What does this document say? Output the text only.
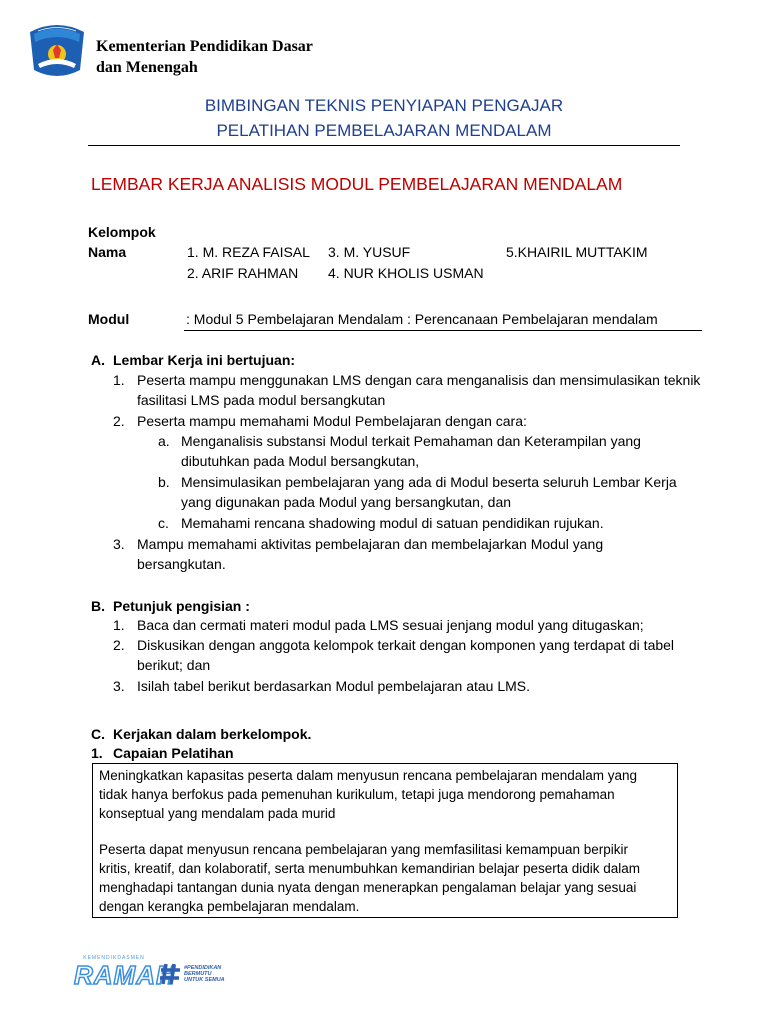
Kementerian Pendidikan Dasar
dan Menengah
BIMBINGAN TEKNIS PENYIAPAN PENGAJAR
PELATIHAN PEMBELAJARAN MENDALAM
LEMBAR KERJA ANALISIS MODUL PEMBELAJARAN MENDALAM
Kelompok
Nama	1. M. REZA FAISAL
2. ARIF RAHMAN
3. M. YUSUF
4. NUR KHOLIS USMAN
5.KHAIRIL MUTTAKIM
Modul	: Modul 5 Pembelajaran Mendalam : Perencanaan Pembelajaran mendalam
A. Lembar Kerja ini bertujuan:
1. Peserta mampu menggunakan LMS dengan cara menganalisis dan mensimulasikan teknik
fasilitasi LMS pada modul bersangkutan
2. Peserta mampu memahami Modul Pembelajaran dengan cara:
a. Menganalisis substansi Modul terkait Pemahaman dan Keterampilan yang
dibutuhkan pada Modul bersangkutan,
b. Mensimulasikan pembelajaran yang ada di Modul beserta seluruh Lembar Kerja
yang digunakan pada Modul yang bersangkutan, dan
c. Memahami rencana shadowing modul di satuan pendidikan rujukan.
3. Mampu memahami aktivitas pembelajaran dan membelajarkan Modul yang
bersangkutan.
B. Petunjuk pengisian :
1. Baca dan cermati materi modul pada LMS sesuai jenjang modul yang ditugaskan;
2. Diskusikan dengan anggota kelompok terkait dengan komponen yang terdapat di tabel
berikut; dan
3. Isilah tabel berikut berdasarkan Modul pembelajaran atau LMS.
C. Kerjakan dalam berkelompok.
1. Capaian Pelatihan

Meningkatkan kapasitas peserta dalam menyusun rencana pembelajaran mendalam yang

tidak hanya berfokus pada pemenuhan kurikulum, tetapi juga mendorong pemahaman

konseptual yang mendalam pada murid

Peserta dapat menyusun rencana pembelajaran yang memfasilitasi kemampuan berpikir

kritis, kreatif, dan kolaboratif, serta menumbuhkan kemandirian belajar peserta didik dalam

menghadapi tantangan dunia nyata dengan menerapkan pengalaman belajar yang sesuai

dengan kerangka pembelajaran mendalam.

KEMENDIKDASMEN
RAMAH #PENDIDIKAN
BERMUTU
UNTUK SEMUA
